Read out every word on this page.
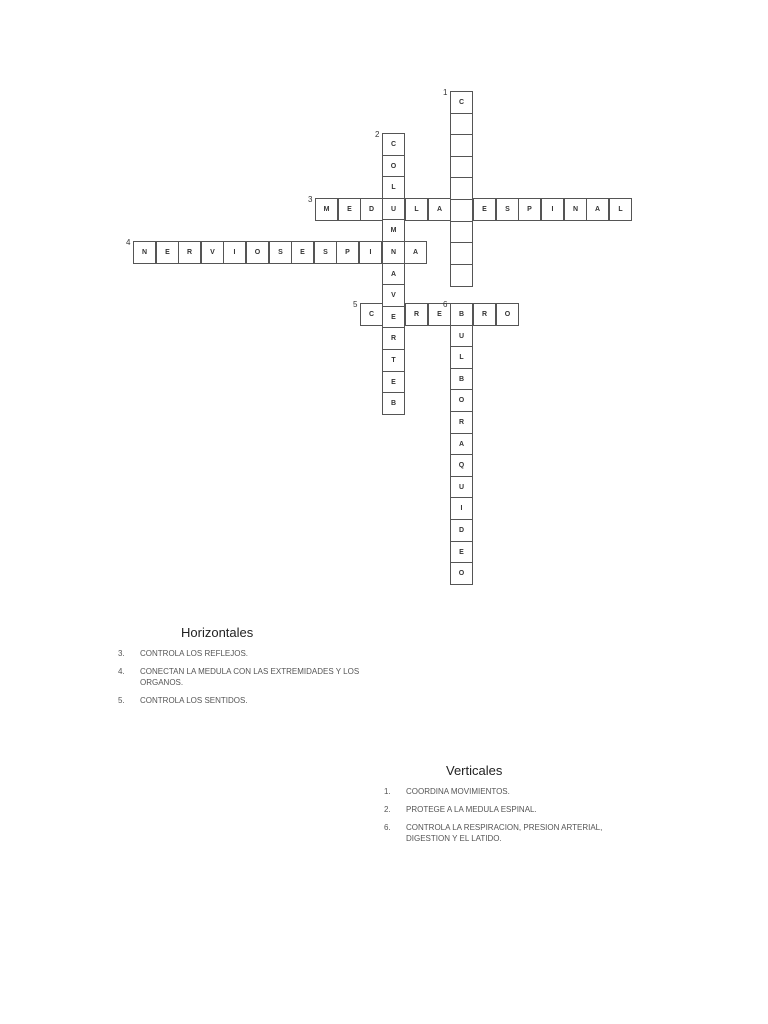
C
1
C
2
O
L
U
M
N
A
V
E
R
T
E
B
M
3
E D	L	A	E	S P	I	N A	L
N
4
E R	V	I	O	S E	S P	I	A
C
5
R	E B
6
R	O
U
L
B
O
R
A
Q
U
I
D
E
O
Horizontales
3.	CONTROLA LOS REFLEJOS.
4.	CONECTAN LA MEDULA CON LAS EXTREMIDADES Y LOS ORGANOS.
5.	CONTROLA LOS SENTIDOS.
Verticales
1.	COORDINA MOVIMIENTOS.
2.	PROTEGE A LA MEDULA ESPINAL.
6.	CONTROLA LA RESPIRACION, PRESION ARTERIAL, DIGESTION Y EL LATIDO.
